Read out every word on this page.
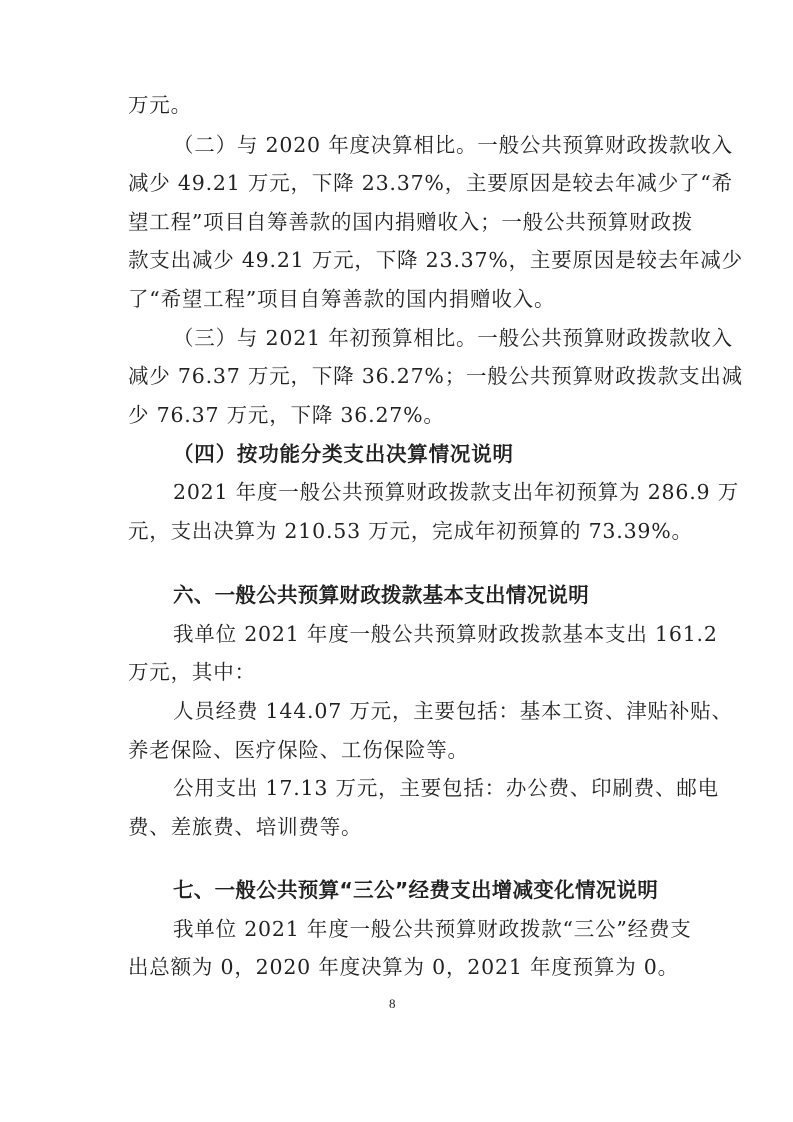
万元。
（二）与 2020 年度决算相比。一般公共预算财政拨款收入
减少 49.21 万元，下降 23.37%，主要原因是较去年减少了“希
望工程”项目自筹善款的国内捐赠收入；一般公共预算财政拨
款支出减少 49.21 万元，下降 23.37%，主要原因是较去年减少
了“希望工程”项目自筹善款的国内捐赠收入。
（三）与 2021 年初预算相比。一般公共预算财政拨款收入
减少 76.37 万元，下降 36.27%；一般公共预算财政拨款支出减
少 76.37 万元，下降 36.27%。
（四）按功能分类支出决算情况说明
2021 年度一般公共预算财政拨款支出年初预算为 286.9 万
元，支出决算为 210.53 万元，完成年初预算的 73.39%。
六、一般公共预算财政拨款基本支出情况说明
我单位 2021 年度一般公共预算财政拨款基本支出 161.2
万元，其中：
人员经费 144.07 万元，主要包括：基本工资、津贴补贴、
养老保险、医疗保险、工伤保险等。
公用支出 17.13 万元，主要包括：办公费、印刷费、邮电
费、差旅费、培训费等。
七、一般公共预算“三公”经费支出增减变化情况说明
我单位 2021 年度一般公共预算财政拨款“三公”经费支
出总额为 0，2020 年度决算为 0，2021 年度预算为 0。
8
